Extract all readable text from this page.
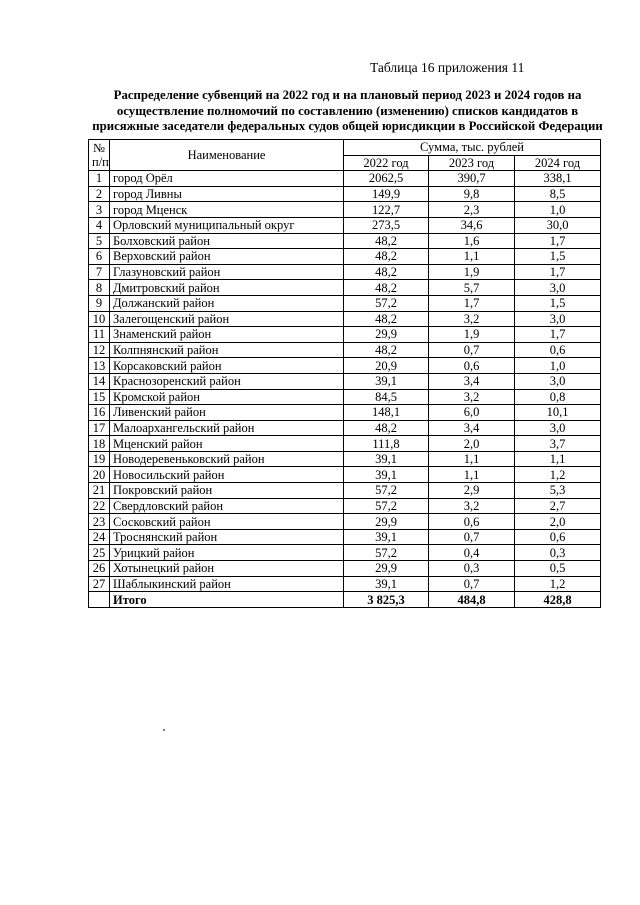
Таблица 16 приложения 11
Распределение субвенций на 2022 год и на плановый период 2023 и 2024 годов на осуществление полномочий по составлению (изменению) списков кандидатов в присяжные заседатели федеральных судов общей юрисдикции в Российской Федерации
№
п/п	Наименование	Сумма, тыс. рублей		
		2022 год	2023 год	2024 год
1	город Орёл	2062,5	390,7	338,1
2	город Ливны	149,9	9,8	8,5
3	город Мценск	122,7	2,3	1,0
4	Орловский муниципальный округ	273,5	34,6	30,0
5	Болховский район	48,2	1,6	1,7
6	Верховский район	48,2	1,1	1,5
7	Глазуновский район	48,2	1,9	1,7
8	Дмитровский район	48,2	5,7	3,0
9	Должанский район	57,2	1,7	1,5
10	Залегощенский район	48,2	3,2	3,0
11	Знаменский район	29,9	1,9	1,7
12	Колпнянский район	48,2	0,7	0,6
13	Корсаковский район	20,9	0,6	1,0
14	Краснозоренский район	39,1	3,4	3,0
15	Кромской район	84,5	3,2	0,8
16	Ливенский район	148,1	6,0	10,1
17	Малоархангельский район	48,2	3,4	3,0
18	Мценский район	111,8	2,0	3,7
19	Новодеревеньковский район	39,1	1,1	1,1
20	Новосильский район	39,1	1,1	1,2
21	Покровский район	57,2	2,9	5,3
22	Свердловский район	57,2	3,2	2,7
23	Сосковский район	29,9	0,6	2,0
24	Троснянский район	39,1	0,7	0,6
25	Урицкий район	57,2	0,4	0,3
26	Хотынецкий район	29,9	0,3	0,5
27	Шаблыкинский район	39,1	0,7	1,2
	Итого	3 825,3	484,8	428,8
